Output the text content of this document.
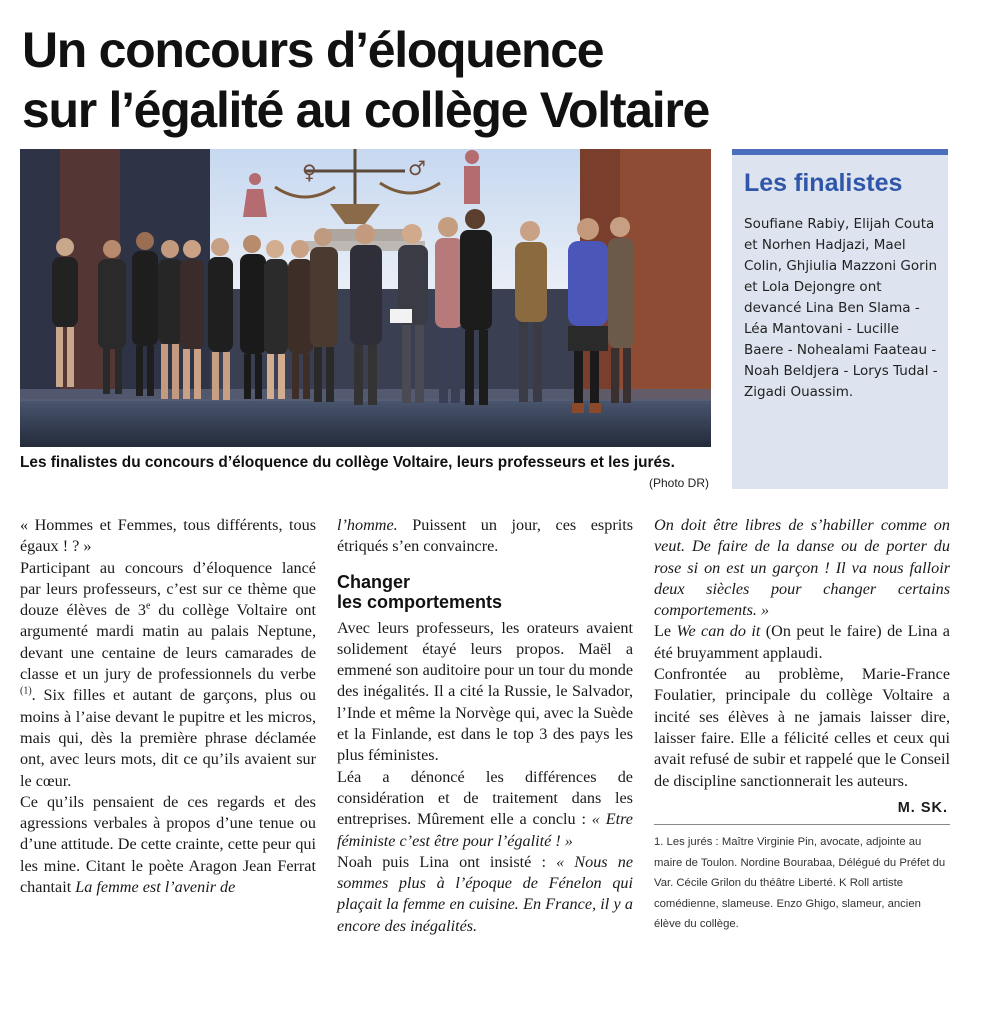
Un concours d’éloquence
sur l’égalité au collège Voltaire
♀	♂

Les finalistes du concours d’éloquence du collège Voltaire, leurs professeurs et les jurés.

(Photo DR)
Les finalistes

Soufiane Rabiy, Elijah Couta et Norhen Hadjazi, Mael Colin, Ghjiulia Mazzoni Gorin et Lola Dejongre ont devancé Lina Ben Slama - Léa Mantovani - Lucille Baere - Nohealami Faateau - Noah Beldjera - Lorys Tudal - Zigadi Ouassim.

« Hommes et Femmes, tous différents, tous égaux ! ? »

Participant au concours d’éloquence lancé par leurs professeurs, c’est sur ce thème que douze élèves de 3e du collège Voltaire ont argumenté mardi matin au palais Neptune, devant une centaine de leurs camarades de classe et un jury de professionnels du verbe $^{(1)}$. Six filles et autant de garçons, plus ou moins à l’aise devant le pupitre et les micros, mais qui, dès la première phrase déclamée ont, avec leurs mots, dit ce qu’ils avaient sur le cœur.

Ce qu’ils pensaient de ces regards et des agressions verbales à propos d’une tenue ou d’une attitude. De cette crainte, cette peur qui les mine. Citant le poète Aragon Jean Ferrat chantait La femme est l’avenir de

l’homme. Puissent un jour, ces esprits étriqués s’en convaincre.

Changer
les comportements

Avec leurs professeurs, les orateurs avaient solidement étayé leurs propos. Maël a emmené son auditoire pour un tour du monde des inégalités. Il a cité la Russie, le Salvador, l’Inde et même la Norvège qui, avec la Suède et la Finlande, est dans le top 3 des pays les plus féministes.

Léa a dénoncé les différences de considération et de traitement dans les entreprises. Mûrement elle a conclu : « Etre féministe c’est être pour l’égalité ! »

Noah puis Lina ont insisté : « Nous ne sommes plus à l’époque de Fénelon qui plaçait la femme en cuisine. En France, il y a encore des inégalités.

On doit être libres de s’habiller comme on veut. De faire de la danse ou de porter du rose si on est un garçon ! Il va nous falloir deux siècles pour changer certains comportements. »

Le We can do it (On peut le faire) de Lina a été bruyamment applaudi.

Confrontée au problème, Marie-France Foulatier, principale du collège Voltaire a incité ses élèves à ne jamais laisser dire, laisser faire. Elle a félicité celles et ceux qui avait refusé de subir et rappelé que le Conseil de discipline sanctionnerait les auteurs.

M. SK.

1. Les jurés : Maître Virginie Pin, avocate, adjointe au maire de Toulon. Nordine Bourabaa, Délégué du Préfet du Var. Cécile Grilon du théâtre Liberté. K Roll artiste comédienne, slameuse. Enzo Ghigo, slameur, ancien élève du collège.
